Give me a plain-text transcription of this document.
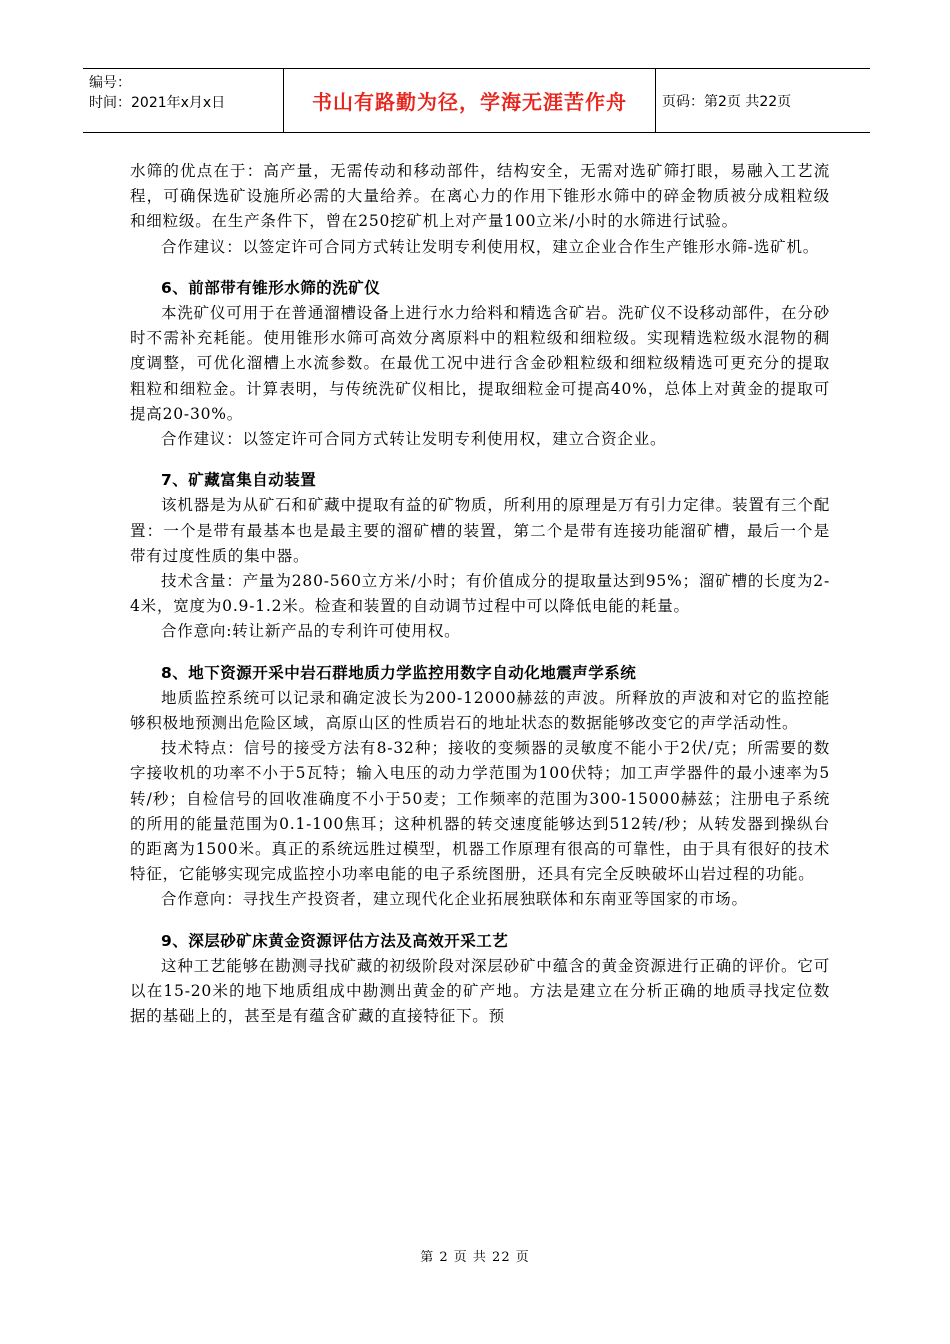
编号：
时间：2021年x月x日	书山有路勤为径，学海无涯苦作舟	页码：第2页 共22页

水筛的优点在于：高产量，无需传动和移动部件，结构安全，无需对选矿筛打眼，易融入工艺流程，可确保选矿设施所必需的大量给养。在离心力的作用下锥形水筛中的碎金物质被分成粗粒级和细粒级。在生产条件下，曾在250挖矿机上对产量100立米/小时的水筛进行试验。

合作建议：以签定许可合同方式转让发明专利使用权，建立企业合作生产锥形水筛-选矿机。

6、前部带有锥形水筛的洗矿仪

本洗矿仪可用于在普通溜槽设备上进行水力给料和精选含矿岩。洗矿仪不设移动部件，在分砂时不需补充耗能。使用锥形水筛可高效分离原料中的粗粒级和细粒级。实现精选粒级水混物的稠度调整，可优化溜槽上水流参数。在最优工况中进行含金砂粗粒级和细粒级精选可更充分的提取粗粒和细粒金。计算表明，与传统洗矿仪相比，提取细粒金可提高40%，总体上对黄金的提取可提高20-30%。

合作建议：以签定许可合同方式转让发明专利使用权，建立合资企业。

7、矿藏富集自动装置

该机器是为从矿石和矿藏中提取有益的矿物质，所利用的原理是万有引力定律。装置有三个配置：一个是带有最基本也是最主要的溜矿槽的装置，第二个是带有连接功能溜矿槽，最后一个是带有过度性质的集中器。

技术含量：产量为280-560立方米/小时；有价值成分的提取量达到95%；溜矿槽的长度为2-4米，宽度为0.9-1.2米。检查和装置的自动调节过程中可以降低电能的耗量。

合作意向:转让新产品的专利许可使用权。

8、地下资源开采中岩石群地质力学监控用数字自动化地震声学系统

地质监控系统可以记录和确定波长为200-12000赫兹的声波。所释放的声波和对它的监控能够积极地预测出危险区域，高原山区的性质岩石的地址状态的数据能够改变它的声学活动性。

技术特点：信号的接受方法有8-32种；接收的变频器的灵敏度不能小于2伏/克；所需要的数字接收机的功率不小于5瓦特；输入电压的动力学范围为100伏特；加工声学器件的最小速率为5转/秒；自检信号的回收准确度不小于50麦；工作频率的范围为300-15000赫兹；注册电子系统的所用的能量范围为0.1-100焦耳；这种机器的转交速度能够达到512转/秒；从转发器到操纵台的距离为1500米。真正的系统远胜过模型，机器工作原理有很高的可靠性，由于具有很好的技术特征，它能够实现完成监控小功率电能的电子系统图册，还具有完全反映破坏山岩过程的功能。

合作意向：寻找生产投资者，建立现代化企业拓展独联体和东南亚等国家的市场。

9、深层砂矿床黄金资源评估方法及高效开采工艺

这种工艺能够在勘测寻找矿藏的初级阶段对深层砂矿中蕴含的黄金资源进行正确的评价。它可以在15-20米的地下地质组成中勘测出黄金的矿产地。方法是建立在分析正确的地质寻找定位数据的基础上的，甚至是有蕴含矿藏的直接特征下。预

第 2 页 共 22 页
